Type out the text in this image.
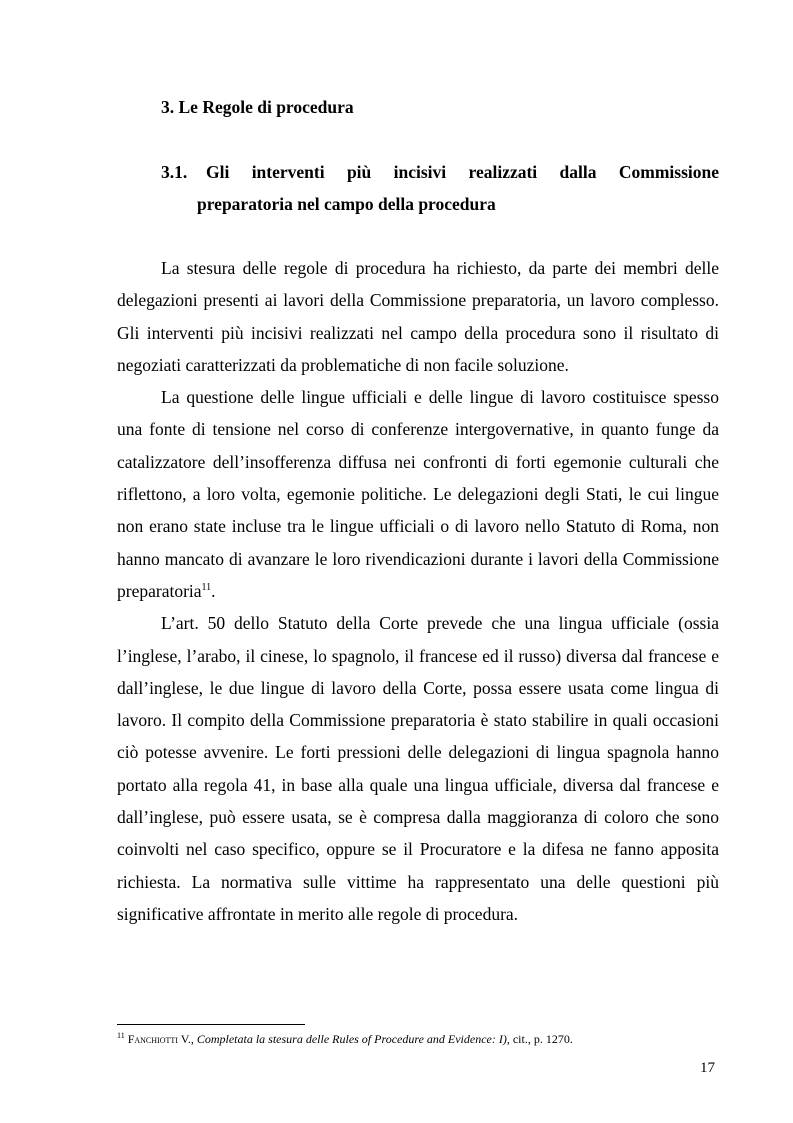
3. Le Regole di procedura
3.1.	Gli interventi più incisivi realizzati dalla Commissione
preparatoria nel campo della procedura

La stesura delle regole di procedura ha richiesto, da parte dei membri delle delegazioni presenti ai lavori della Commissione preparatoria, un lavoro complesso. Gli interventi più incisivi realizzati nel campo della procedura sono il risultato di negoziati caratterizzati da problematiche di non facile soluzione.

La questione delle lingue ufficiali e delle lingue di lavoro costituisce spesso una fonte di tensione nel corso di conferenze intergovernative, in quanto funge da catalizzatore dell’insofferenza diffusa nei confronti di forti egemonie culturali che riflettono, a loro volta, egemonie politiche. Le delegazioni degli Stati, le cui lingue non erano state incluse tra le lingue ufficiali o di lavoro nello Statuto di Roma, non hanno mancato di avanzare le loro rivendicazioni durante i lavori della Commissione preparatoria$^{11}$.

L’art. 50 dello Statuto della Corte prevede che una lingua ufficiale (ossia l’inglese, l’arabo, il cinese, lo spagnolo, il francese ed il russo) diversa dal francese e dall’inglese, le due lingue di lavoro della Corte, possa essere usata come lingua di lavoro. Il compito della Commissione preparatoria è stato stabilire in quali occasioni ciò potesse avvenire. Le forti pressioni delle delegazioni di lingua spagnola hanno portato alla regola 41, in base alla quale una lingua ufficiale, diversa dal francese e dall’inglese, può essere usata, se è compresa dalla maggioranza di coloro che sono coinvolti nel caso specifico, oppure se il Procuratore e la difesa ne fanno apposita richiesta. La normativa sulle vittime ha rappresentato una delle questioni più significative affrontate in merito alle regole di procedura.

$^{11}$ Fanchiotti V., Completata la stesura delle Rules of Procedure and Evidence: I), cit., p. 1270.
17
